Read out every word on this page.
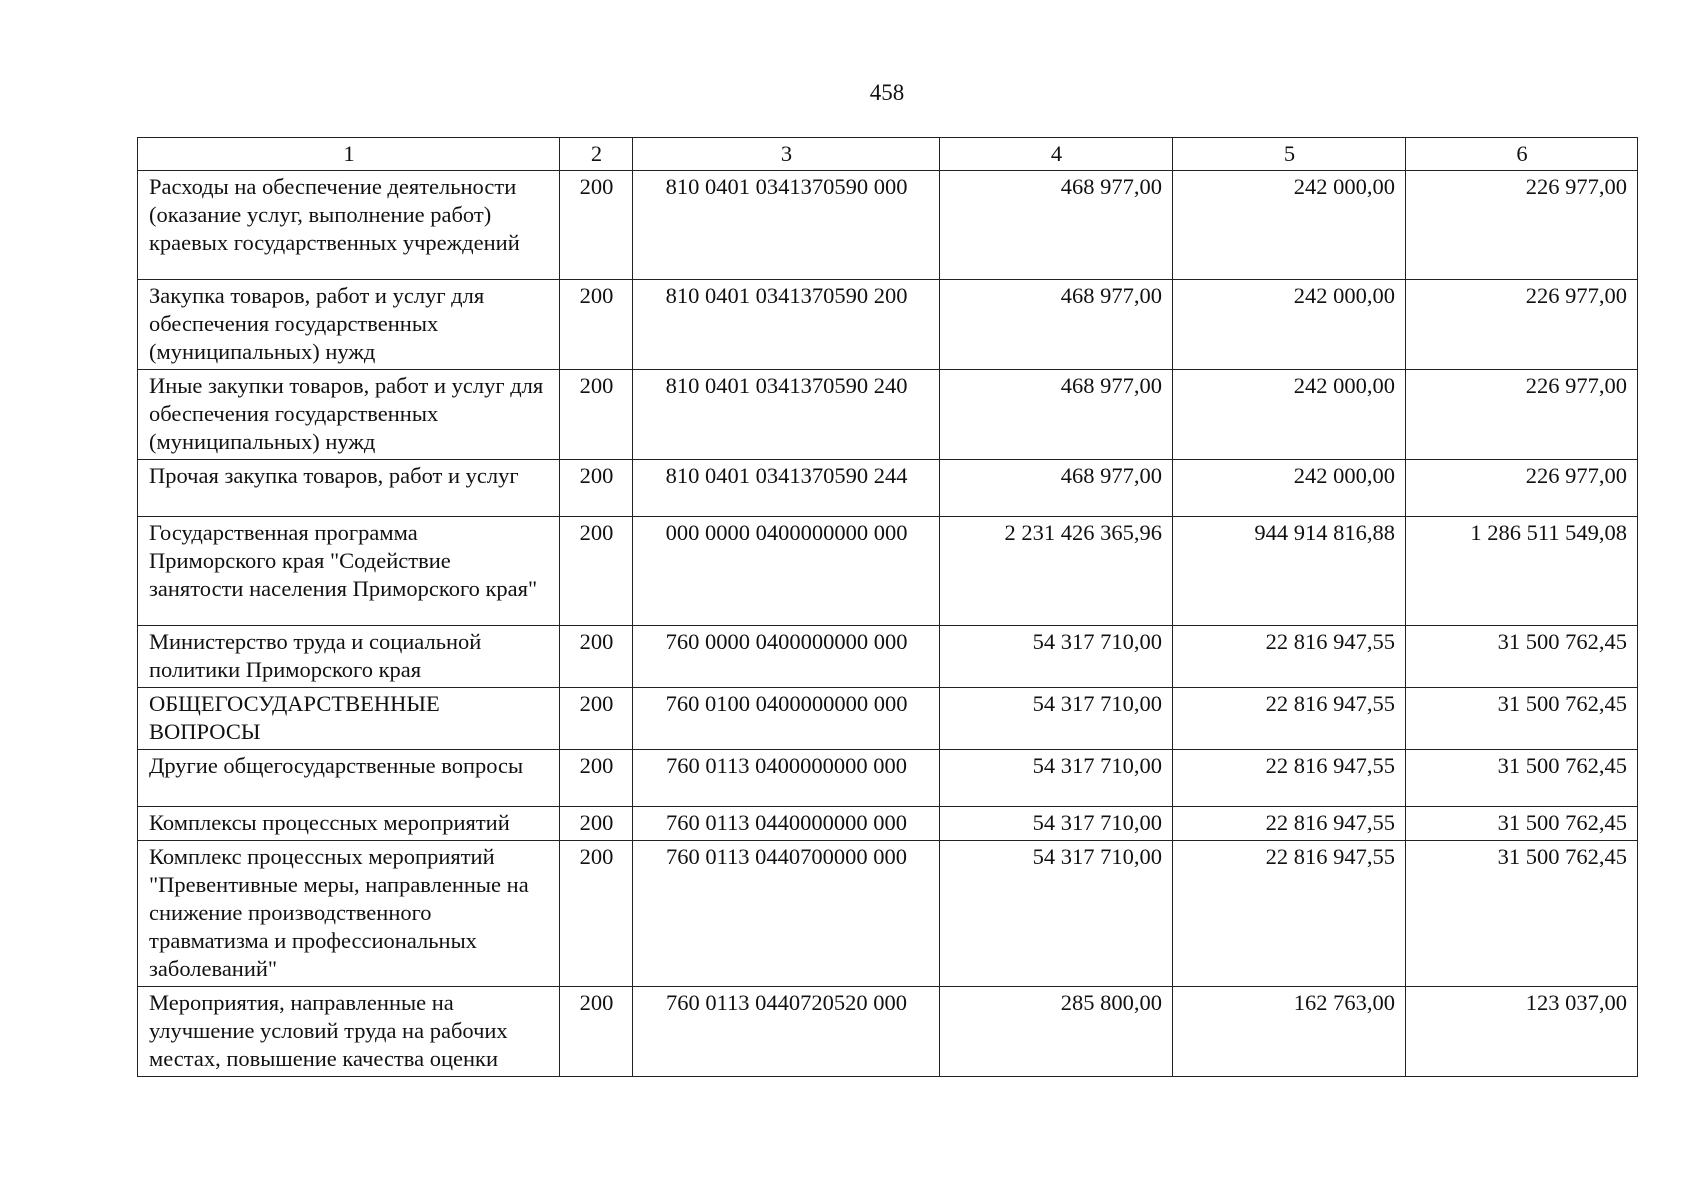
458
1	2	3	4	5	6
Расходы на обеспечение деятельности (оказание услуг, выполнение работ) краевых государственных учреждений	200	810 0401 0341370590 000	468 977,00	242 000,00	226 977,00
Закупка товаров, работ и услуг для обеспечения государственных (муниципальных) нужд	200	810 0401 0341370590 200	468 977,00	242 000,00	226 977,00
Иные закупки товаров, работ и услуг для обеспечения государственных (муниципальных) нужд	200	810 0401 0341370590 240	468 977,00	242 000,00	226 977,00
Прочая закупка товаров, работ и услуг	200	810 0401 0341370590 244	468 977,00	242 000,00	226 977,00
Государственная программа Приморского края "Содействие занятости населения Приморского края"	200	000 0000 0400000000 000	2 231 426 365,96	944 914 816,88	1 286 511 549,08
Министерство труда и социальной политики Приморского края	200	760 0000 0400000000 000	54 317 710,00	22 816 947,55	31 500 762,45
ОБЩЕГОСУДАРСТВЕННЫЕ ВОПРОСЫ	200	760 0100 0400000000 000	54 317 710,00	22 816 947,55	31 500 762,45
Другие общегосударственные вопросы	200	760 0113 0400000000 000	54 317 710,00	22 816 947,55	31 500 762,45
Комплексы процессных мероприятий	200	760 0113 0440000000 000	54 317 710,00	22 816 947,55	31 500 762,45
Комплекс процессных мероприятий "Превентивные меры, направленные на снижение производственного травматизма и профессиональных заболеваний"	200	760 0113 0440700000 000	54 317 710,00	22 816 947,55	31 500 762,45
Мероприятия, направленные на улучшение условий труда на рабочих местах, повышение качества оценки	200	760 0113 0440720520 000	285 800,00	162 763,00	123 037,00
